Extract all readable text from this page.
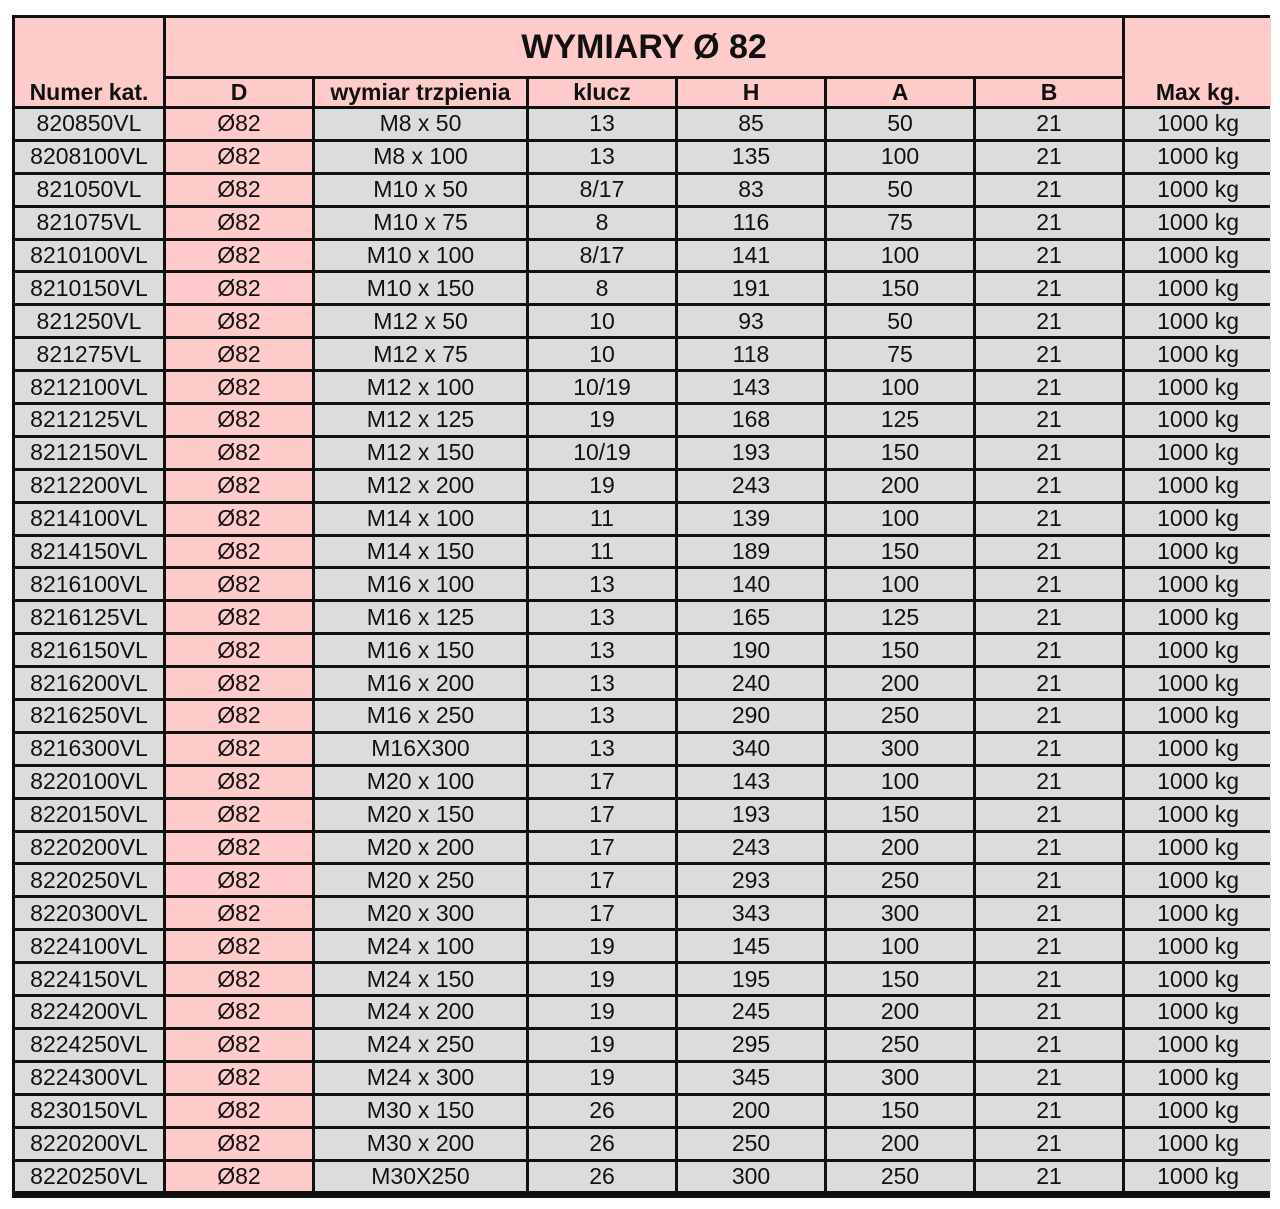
Numer kat.	WYMIARY Ø 82						Max kg.
	D	wymiar trzpienia	klucz	H	A	B	
820850VL	Ø82	M8 x 50	13	85	50	21	1000 kg
8208100VL	Ø82	M8 x 100	13	135	100	21	1000 kg
821050VL	Ø82	M10 x 50	8/17	83	50	21	1000 kg
821075VL	Ø82	M10 x 75	8	116	75	21	1000 kg
8210100VL	Ø82	M10 x 100	8/17	141	100	21	1000 kg
8210150VL	Ø82	M10 x 150	8	191	150	21	1000 kg
821250VL	Ø82	M12 x 50	10	93	50	21	1000 kg
821275VL	Ø82	M12 x 75	10	118	75	21	1000 kg
8212100VL	Ø82	M12 x 100	10/19	143	100	21	1000 kg
8212125VL	Ø82	M12 x 125	19	168	125	21	1000 kg
8212150VL	Ø82	M12 x 150	10/19	193	150	21	1000 kg
8212200VL	Ø82	M12 x 200	19	243	200	21	1000 kg
8214100VL	Ø82	M14 x 100	11	139	100	21	1000 kg
8214150VL	Ø82	M14 x 150	11	189	150	21	1000 kg
8216100VL	Ø82	M16 x 100	13	140	100	21	1000 kg
8216125VL	Ø82	M16 x 125	13	165	125	21	1000 kg
8216150VL	Ø82	M16 x 150	13	190	150	21	1000 kg
8216200VL	Ø82	M16 x 200	13	240	200	21	1000 kg
8216250VL	Ø82	M16 x 250	13	290	250	21	1000 kg
8216300VL	Ø82	M16X300	13	340	300	21	1000 kg
8220100VL	Ø82	M20 x 100	17	143	100	21	1000 kg
8220150VL	Ø82	M20 x 150	17	193	150	21	1000 kg
8220200VL	Ø82	M20 x 200	17	243	200	21	1000 kg
8220250VL	Ø82	M20 x 250	17	293	250	21	1000 kg
8220300VL	Ø82	M20 x 300	17	343	300	21	1000 kg
8224100VL	Ø82	M24 x 100	19	145	100	21	1000 kg
8224150VL	Ø82	M24 x 150	19	195	150	21	1000 kg
8224200VL	Ø82	M24 x 200	19	245	200	21	1000 kg
8224250VL	Ø82	M24 x 250	19	295	250	21	1000 kg
8224300VL	Ø82	M24 x 300	19	345	300	21	1000 kg
8230150VL	Ø82	M30 x 150	26	200	150	21	1000 kg
8220200VL	Ø82	M30 x 200	26	250	200	21	1000 kg
8220250VL	Ø82	M30X250	26	300	250	21	1000 kg
